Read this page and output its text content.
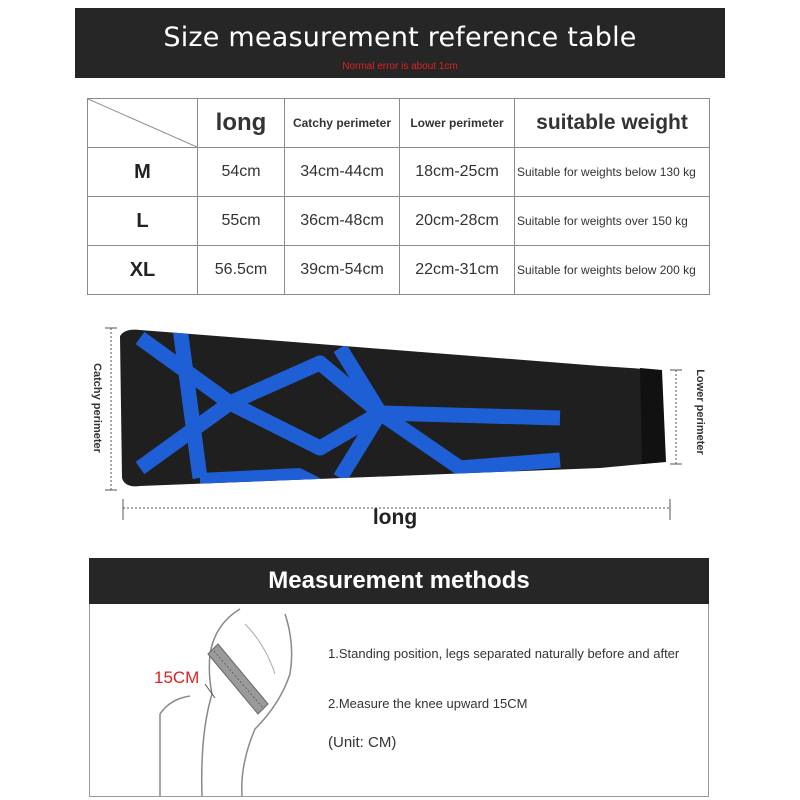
Size measurement reference table
Normal error is about 1cm
	long	Catchy perimeter	Lower perimeter	suitable weight
M	54cm	34cm-44cm	18cm-25cm	Suitable for weights below 130 kg
L	55cm	36cm-48cm	20cm-28cm	Suitable for weights over 150 kg
XL	56.5cm	39cm-54cm	22cm-31cm	Suitable for weights below 200 kg
Catchy perimeter	Lower perimeter
long
Measurement methods
15CM
1.Standing position, legs separated naturally before and after
2.Measure the knee upward 15CM
(Unit: CM)
